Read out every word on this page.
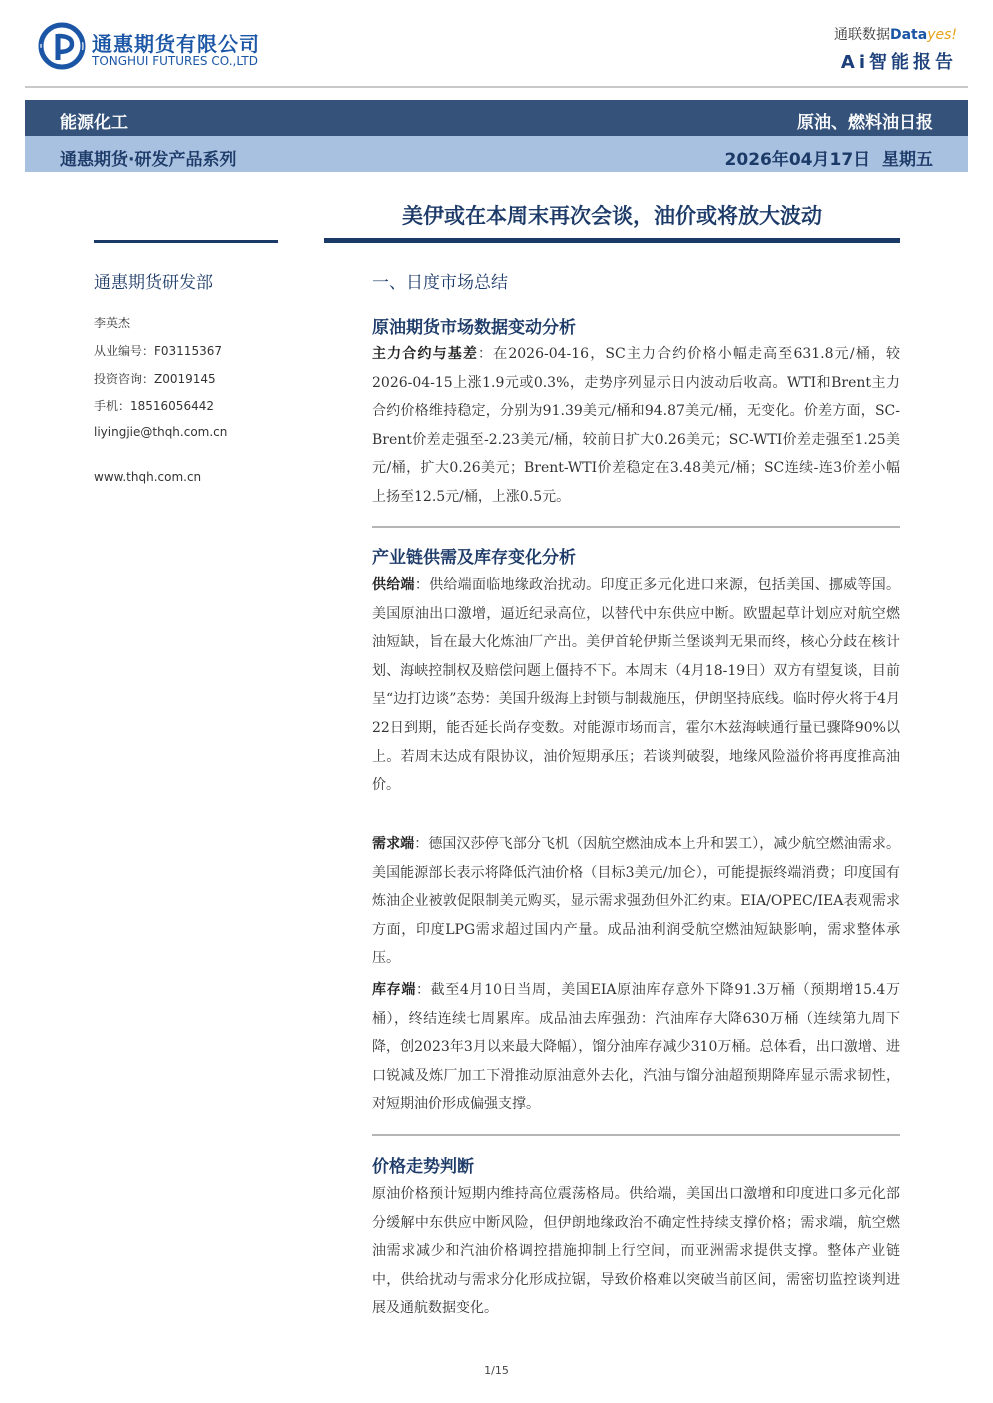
通惠期货有限公司
TONGHUI FUTURES CO.,LTD
通联数据Datayes!
Ai智能报告
能源化工	原油、燃料油日报
通惠期货·研发产品系列	2026年04月17日  星期五
美伊或在本周末再次会谈，油价或将放大波动
通惠期货研发部
李英杰
从业编号：F03115367
投资咨询：Z0019145
手机：18516056442
liyingjie@thqh.com.cn
www.thqh.com.cn
一、日度市场总结
原油期货市场数据变动分析
主力合约与基差：在2026-04-16，SC主力合约价格小幅走高至631.8元/桶，较2026-04-15上涨1.9元或0.3%，走势序列显示日内波动后收高。WTI和Brent主力合约价格维持稳定，分别为91.39美元/桶和94.87美元/桶，无变化。价差方面，SC-Brent价差走强至-2.23美元/桶，较前日扩大0.26美元；SC-WTI价差走强至1.25美元/桶，扩大0.26美元；Brent-WTI价差稳定在3.48美元/桶；SC连续-连3价差小幅上扬至12.5元/桶，上涨0.5元。
产业链供需及库存变化分析
供给端：供给端面临地缘政治扰动。印度正多元化进口来源，包括美国、挪威等国。美国原油出口激增，逼近纪录高位，以替代中东供应中断。欧盟起草计划应对航空燃油短缺，旨在最大化炼油厂产出。美伊首轮伊斯兰堡谈判无果而终，核心分歧在核计划、海峡控制权及赔偿问题上僵持不下。本周末（4月18-19日）双方有望复谈，目前呈“边打边谈”态势：美国升级海上封锁与制裁施压，伊朗坚持底线。临时停火将于4月22日到期，能否延长尚存变数。对能源市场而言，霍尔木兹海峡通行量已骤降90%以上。若周末达成有限协议，油价短期承压；若谈判破裂，地缘风险溢价将再度推高油价。
需求端：德国汉莎停飞部分飞机（因航空燃油成本上升和罢工），减少航空燃油需求。美国能源部长表示将降低汽油价格（目标3美元/加仑），可能提振终端消费；印度国有炼油企业被敦促限制美元购买，显示需求强劲但外汇约束。EIA/OPEC/IEA表观需求方面，印度LPG需求超过国内产量。成品油利润受航空燃油短缺影响，需求整体承压。
库存端：截至4月10日当周，美国EIA原油库存意外下降91.3万桶（预期增15.4万桶），终结连续七周累库。成品油去库强劲：汽油库存大降630万桶（连续第九周下降，创2023年3月以来最大降幅），馏分油库存减少310万桶。总体看，出口激增、进口锐减及炼厂加工下滑推动原油意外去化，汽油与馏分油超预期降库显示需求韧性，对短期油价形成偏强支撑。
价格走势判断
原油价格预计短期内维持高位震荡格局。供给端，美国出口激增和印度进口多元化部分缓解中东供应中断风险，但伊朗地缘政治不确定性持续支撑价格；需求端，航空燃油需求减少和汽油价格调控措施抑制上行空间，而亚洲需求提供支撑。整体产业链中，供给扰动与需求分化形成拉锯，导致价格难以突破当前区间，需密切监控谈判进展及通航数据变化。
1/15
